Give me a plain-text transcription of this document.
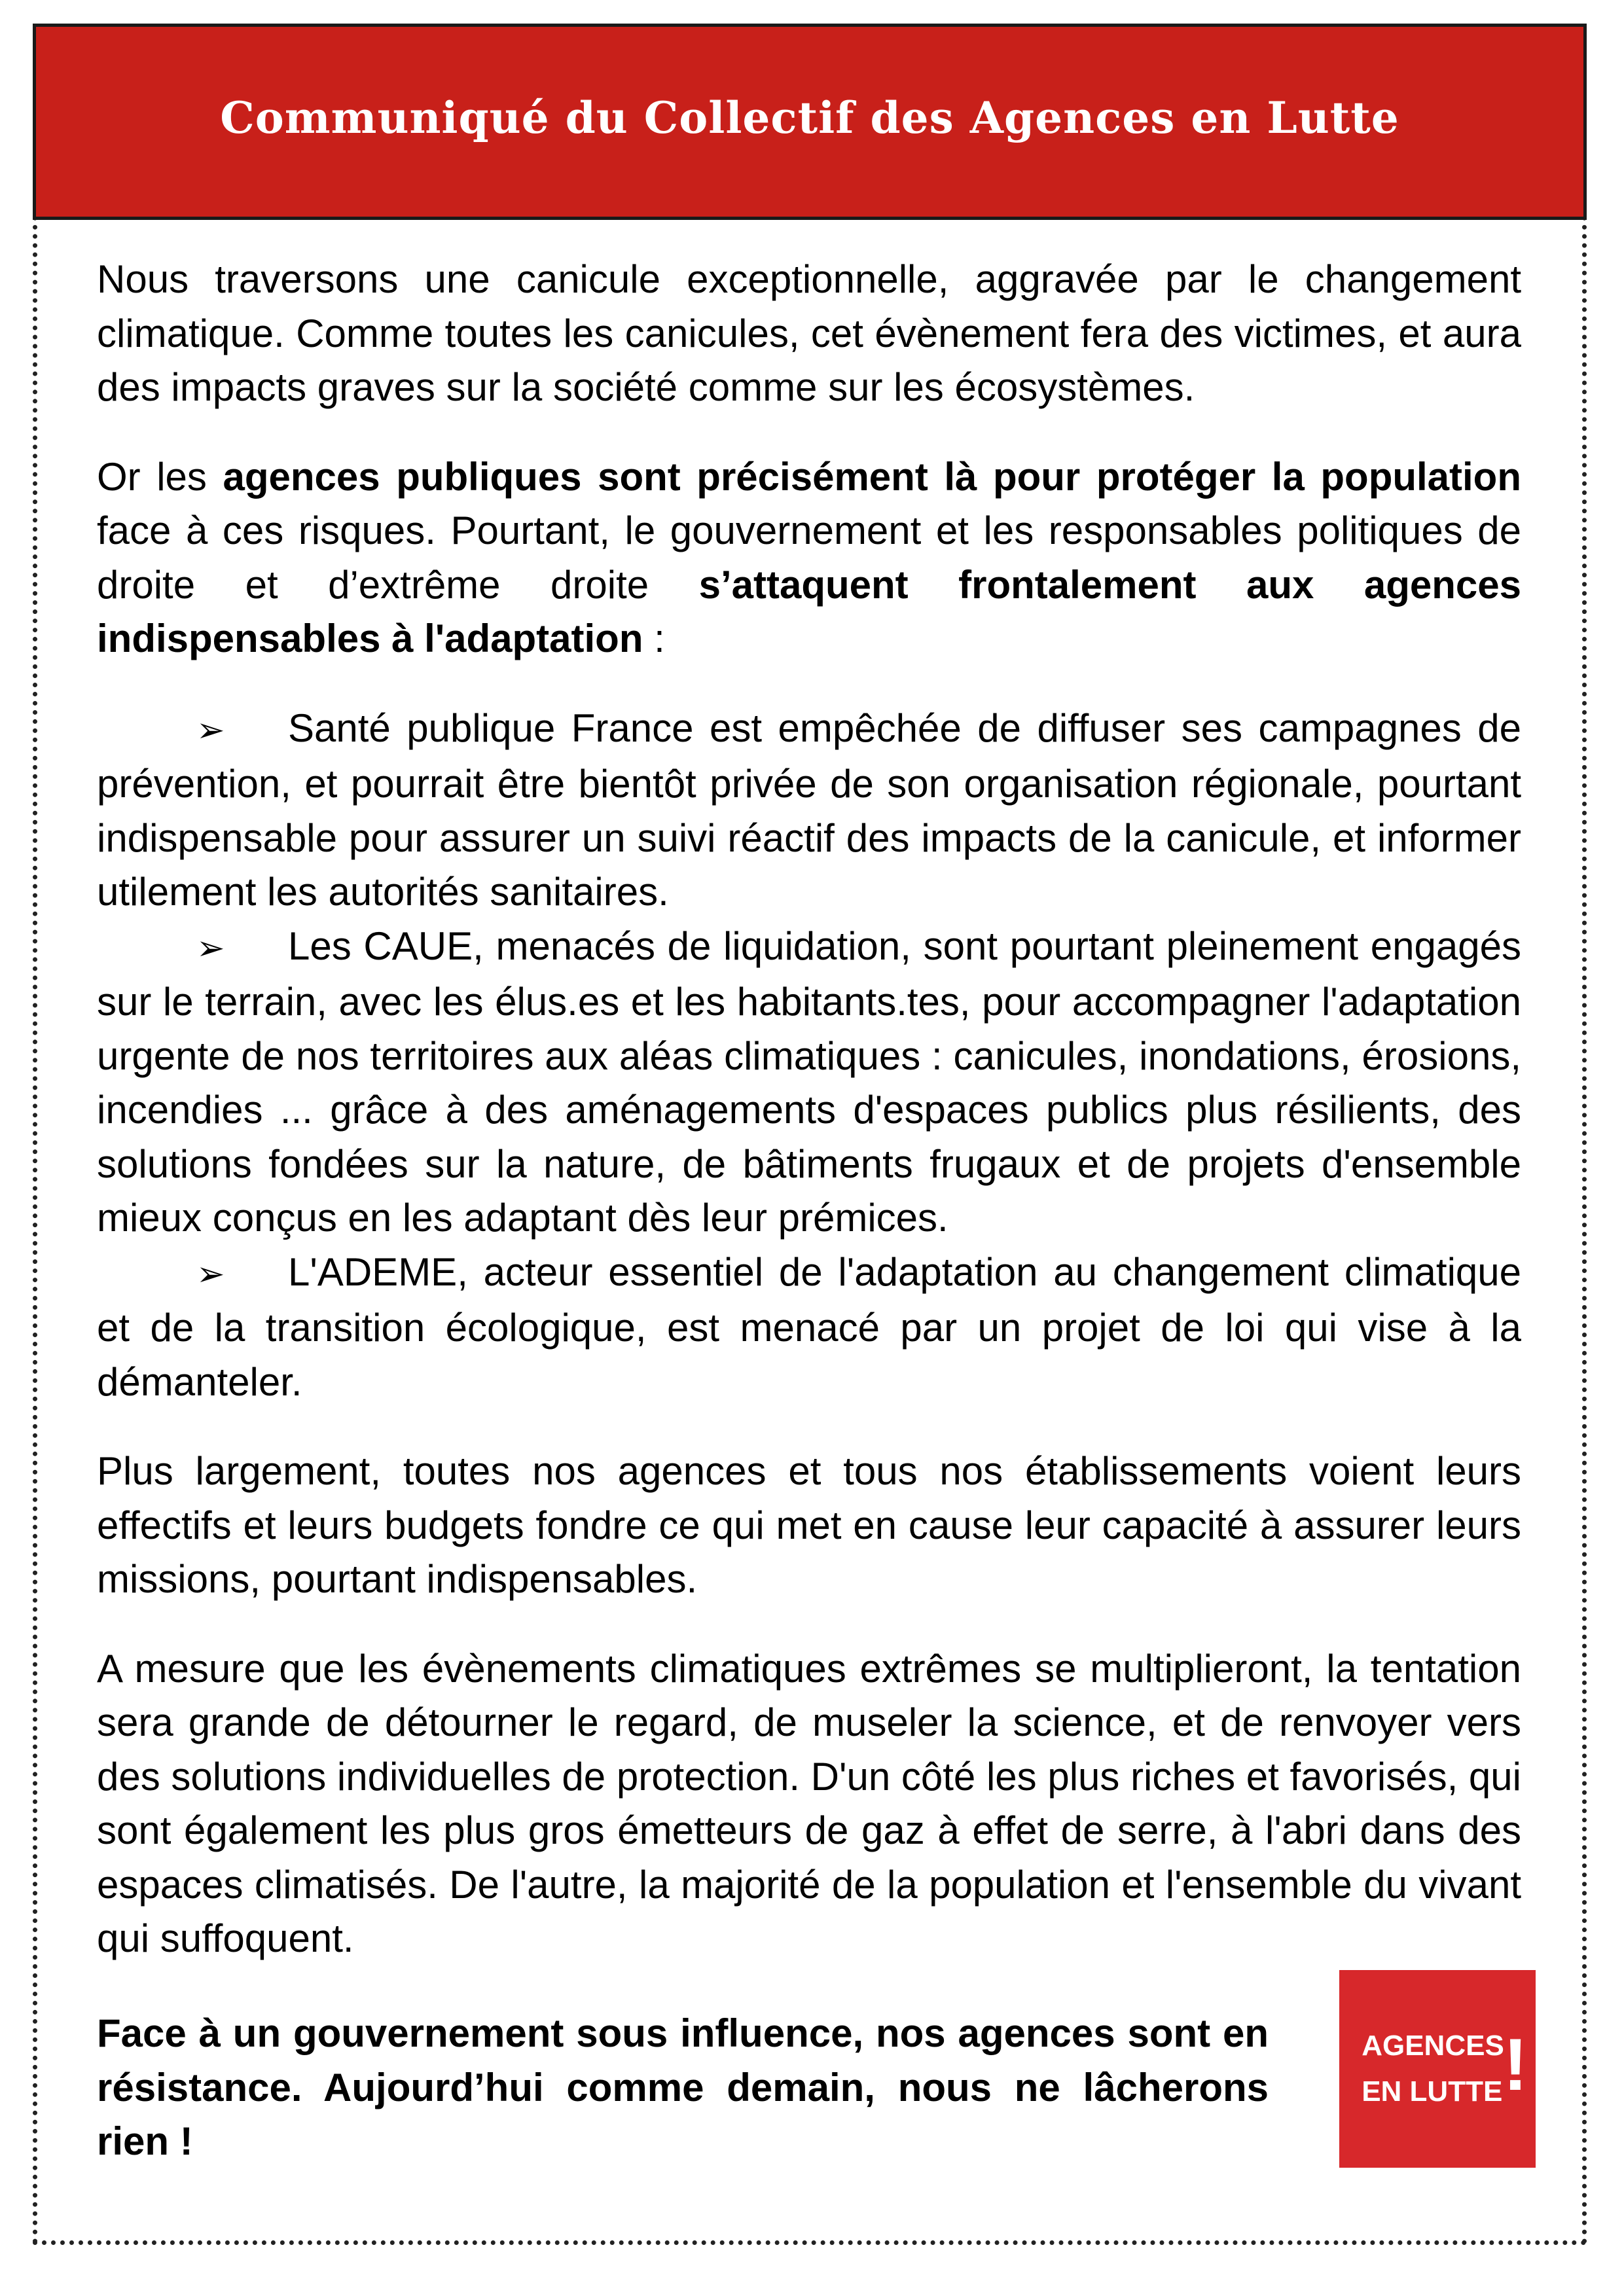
Communiqué du Collectif des Agences en Lutte

Nous traversons une canicule exceptionnelle, aggravée par le changement climatique. Comme toutes les canicules, cet évènement fera des victimes, et aura des impacts graves sur la société comme sur les écosystèmes.

Or les agences publiques sont précisément là pour protéger la population face à ces risques. Pourtant, le gouvernement et les responsables politiques de droite et d’extrême droite s’attaquent frontalement aux agences indispensables à l'adaptation :

➢ Santé publique France est empêchée de diffuser ses campagnes de prévention, et pourrait être bientôt privée de son organisation régionale, pourtant indispensable pour assurer un suivi réactif des impacts de la canicule, et informer utilement les autorités sanitaires.

➢ Les CAUE, menacés de liquidation, sont pourtant pleinement engagés sur le terrain, avec les élus.es et les habitants.tes, pour accompagner l'adaptation urgente de nos territoires aux aléas climatiques : canicules, inondations, érosions, incendies ... grâce à des aménagements d'espaces publics plus résilients, des solutions fondées sur la nature, de bâtiments frugaux et de projets d'ensemble mieux conçus en les adaptant dès leur prémices.

➢ L'ADEME, acteur essentiel de l'adaptation au changement climatique et de la transition écologique, est menacé par un projet de loi qui vise à la démanteler.

Plus largement, toutes nos agences et tous nos établissements voient leurs effectifs et leurs budgets fondre ce qui met en cause leur capacité à assurer leurs missions, pourtant indispensables.

A mesure que les évènements climatiques extrêmes se multiplieront, la tentation sera grande de détourner le regard, de museler la science, et de renvoyer vers des solutions individuelles de protection. D'un côté les plus riches et favorisés, qui sont également les plus gros émetteurs de gaz à effet de serre, à l'abri dans des espaces climatisés. De l'autre, la majorité de la population et l'ensemble du vivant qui suffoquent.

Face à un gouvernement sous influence, nos agences sont en résistance. Aujourd’hui comme demain, nous ne lâcherons rien !

AGENCES
EN LUTTE !
